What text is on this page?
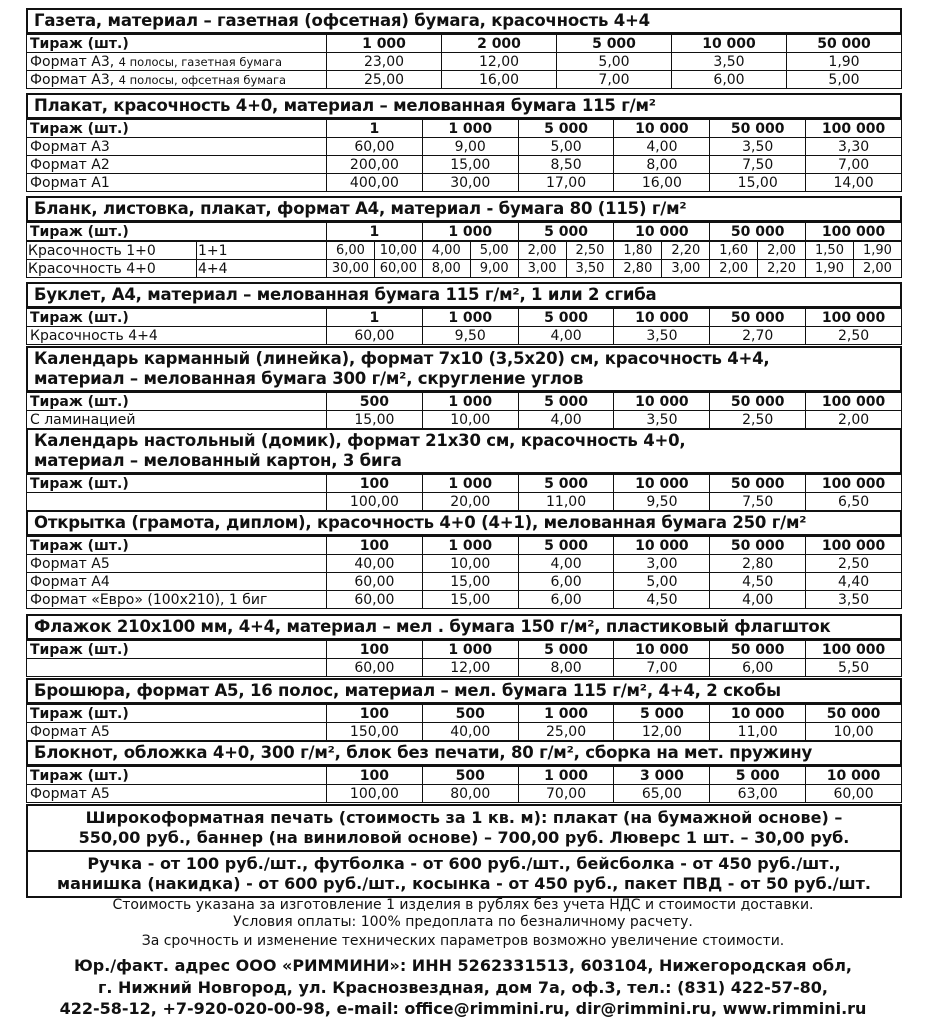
Газета, материал – газетная (офсетная) бумага, красочность 4+4
Тираж (шт.)	1 000	2 000	5 000	10 000	50 000
Формат А3, 4 полосы, газетная бумага	23,00	12,00	5,00	3,50	1,90
Формат А3, 4 полосы, офсетная бумага	25,00	16,00	7,00	6,00	5,00
Плакат, красочность 4+0, материал – мелованная бумага 115 г/м²
Тираж (шт.)	1	1 000	5 000	10 000	50 000	100 000
Формат А3	60,00	9,00	5,00	4,00	3,50	3,30
Формат А2	200,00	15,00	8,50	8,00	7,50	7,00
Формат А1	400,00	30,00	17,00	16,00	15,00	14,00
Бланк, листовка, плакат, формат А4, материал - бумага 80 (115) г/м²
Тираж (шт.)	1	1 000	5 000	10 000	50 000	100 000
Красочность 1+0	1+1	6,00	10,00	4,00	5,00	2,00	2,50	1,80	2,20	1,60	2,00	1,50	1,90
Красочность 4+0	4+4	30,00	60,00	8,00	9,00	3,00	3,50	2,80	3,00	2,00	2,20	1,90	2,00
Буклет, А4, материал – мелованная бумага 115 г/м², 1 или 2 сгиба
Тираж (шт.)	1	1 000	5 000	10 000	50 000	100 000
Красочность 4+4	60,00	9,50	4,00	3,50	2,70	2,50
Календарь карманный (линейка), формат 7х10 (3,5х20) см, красочность 4+4,
материал – мелованная бумага 300 г/м², скругление углов
Тираж (шт.)	500	1 000	5 000	10 000	50 000	100 000
С ламинацией	15,00	10,00	4,00	3,50	2,50	2,00
Календарь настольный (домик), формат 21х30 см, красочность 4+0,
материал – мелованный картон, 3 бига
Тираж (шт.)	100	1 000	5 000	10 000	50 000	100 000
	100,00	20,00	11,00	9,50	7,50	6,50
Открытка (грамота, диплом), красочность 4+0 (4+1), мелованная бумага 250 г/м²
Тираж (шт.)	100	1 000	5 000	10 000	50 000	100 000
Формат А5	40,00	10,00	4,00	3,00	2,80	2,50
Формат А4	60,00	15,00	6,00	5,00	4,50	4,40
Формат «Евро» (100х210), 1 биг	60,00	15,00	6,00	4,50	4,00	3,50
Флажок 210х100 мм, 4+4, материал – мел . бумага 150 г/м², пластиковый флагшток
Тираж (шт.)	100	1 000	5 000	10 000	50 000	100 000
	60,00	12,00	8,00	7,00	6,00	5,50
Брошюра, формат А5, 16 полос, материал – мел. бумага 115 г/м², 4+4, 2 скобы
Тираж (шт.)	100	500	1 000	5 000	10 000	50 000
Формат А5	150,00	40,00	25,00	12,00	11,00	10,00
Блокнот, обложка 4+0, 300 г/м², блок без печати, 80 г/м², сборка на мет. пружину
Тираж (шт.)	100	500	1 000	3 000	5 000	10 000
Формат А5	100,00	80,00	70,00	65,00	63,00	60,00
Широкоформатная печать (стоимость за 1 кв. м): плакат (на бумажной основе) –
550,00 руб., баннер (на виниловой основе) – 700,00 руб. Люверс 1 шт. – 30,00 руб.
Ручка - от 100 руб./шт., футболка - от 600 руб./шт., бейсболка - от 450 руб./шт.,
манишка (накидка) - от 600 руб./шт., косынка - от 450 руб., пакет ПВД - от 50 руб./шт.
Стоимость указана за изготовление 1 изделия в рублях без учета НДС и стоимости доставки.
Условия оплаты: 100% предоплата по безналичному расчету.
За срочность и изменение технических параметров возможно увеличение стоимости.
Юр./факт. адрес ООО «РИММИНИ»: ИНН 5262331513, 603104, Нижегородская обл,
г. Нижний Новгород, ул. Краснозвездная, дом 7а, оф.3, тел.: (831) 422-57-80,
422-58-12, +7-920-020-00-98, e-mail: office@rimmini.ru, dir@rimmini.ru, www.rimmini.ru
